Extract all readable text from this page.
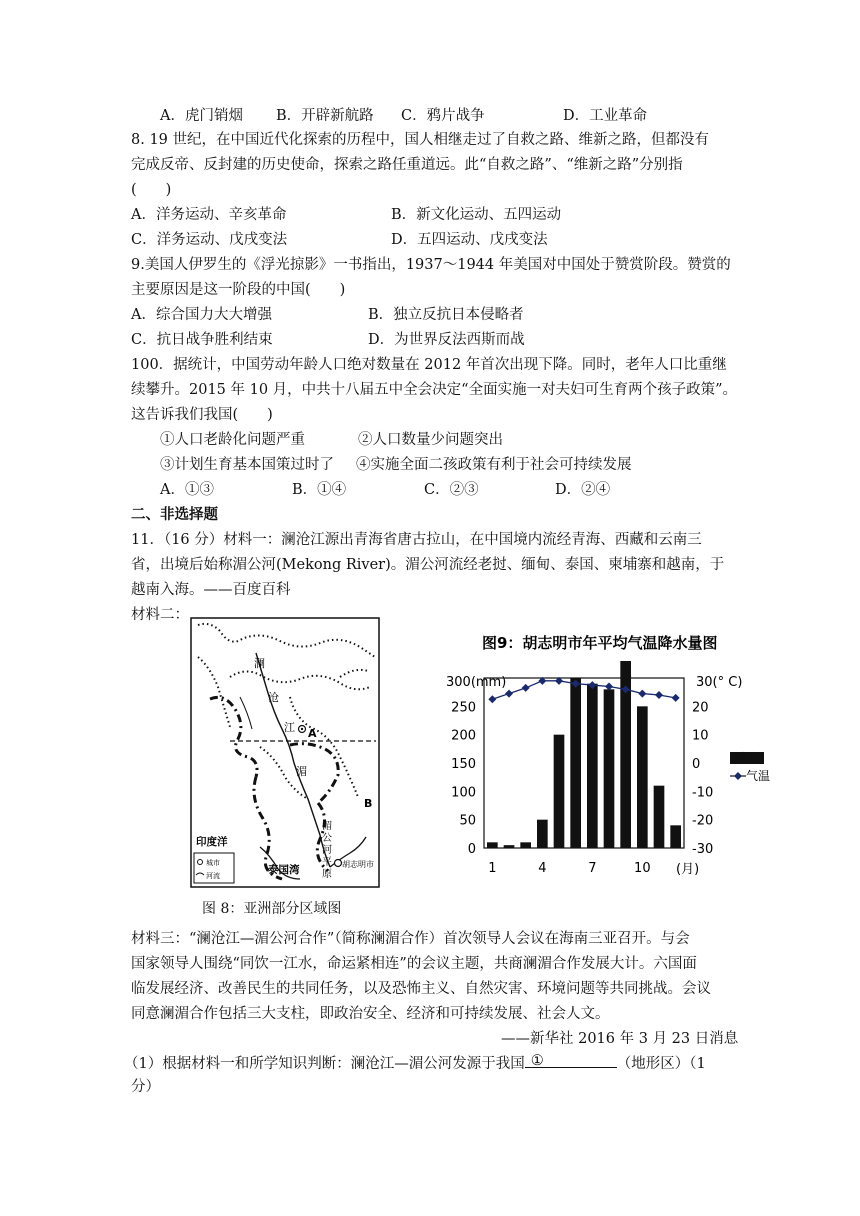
A．虎门销烟 B．开辟新航路 C．鸦片战争	D．工业革命
8. 19 世纪，在中国近代化探索的历程中，国人相继走过了自救之路、维新之路，但都没有
完成反帝、反封建的历史使命，探索之路任重道远。此“自救之路”、“维新之路”分别指
(　　)
A．洋务运动、辛亥革命	B．新文化运动、五四运动
C．洋务运动、戊戌变法	D．五四运动、戊戌变法
9.美国人伊罗生的《浮光掠影》一书指出，1937～1944 年美国对中国处于赞赏阶段。赞赏的
主要原因是这一阶段的中国(　　)
A．综合国力大大增强	B．独立反抗日本侵略者
C．抗日战争胜利结束	D．为世界反法西斯而战
100．据统计，中国劳动年龄人口绝对数量在 2012 年首次出现下降。同时，老年人口比重继
续攀升。2015 年 10 月，中共十八届五中全会决定“全面实施一对夫妇可生育两个孩子政策”。
这告诉我们我国(　　)
①人口老龄化问题严重	②人口数量少问题突出
③计划生育基本国策过时了 ④实施全面二孩政策有利于社会可持续发展
A．①③	B．①④	C．②③	D．②④
二、非选择题
11．（16 分）材料一：澜沧江源出青海省唐古拉山，在中国境内流经青海、西藏和云南三
省，出境后始称湄公河(Mekong River)。湄公河流经老挝、缅甸、泰国、柬埔寨和越南，于
越南入海。——百度百科
材料二：
澜
沧
江 A
湄
B
湄
公
河
平
原
印度洋
泰国湾	胡志明市
城市
河流
图 8：亚洲部分区域图
图9：胡志明市年平均气温降水量图
300(mm)	30(° C)
0
50
100
150
200
250
-30
-20
-10
0
10
20
1	4	7	10 (月)
降水
气温
材料三：“澜沧江—湄公河合作”（简称澜湄合作）首次领导人会议在海南三亚召开。与会
国家领导人围绕“同饮一江水，命运紧相连”的会议主题，共商澜湄合作发展大计。六国面
临发展经济、改善民生的共同任务，以及恐怖主义、自然灾害、环境问题等共同挑战。会议
同意澜湄合作包括三大支柱，即政治安全、经济和可持续发展、社会人文。
——新华社 2016 年 3 月 23 日消息
（1）根据材料一和所学知识判断：澜沧江—湄公河发源于我国 ①	（地形区）（1
分）
